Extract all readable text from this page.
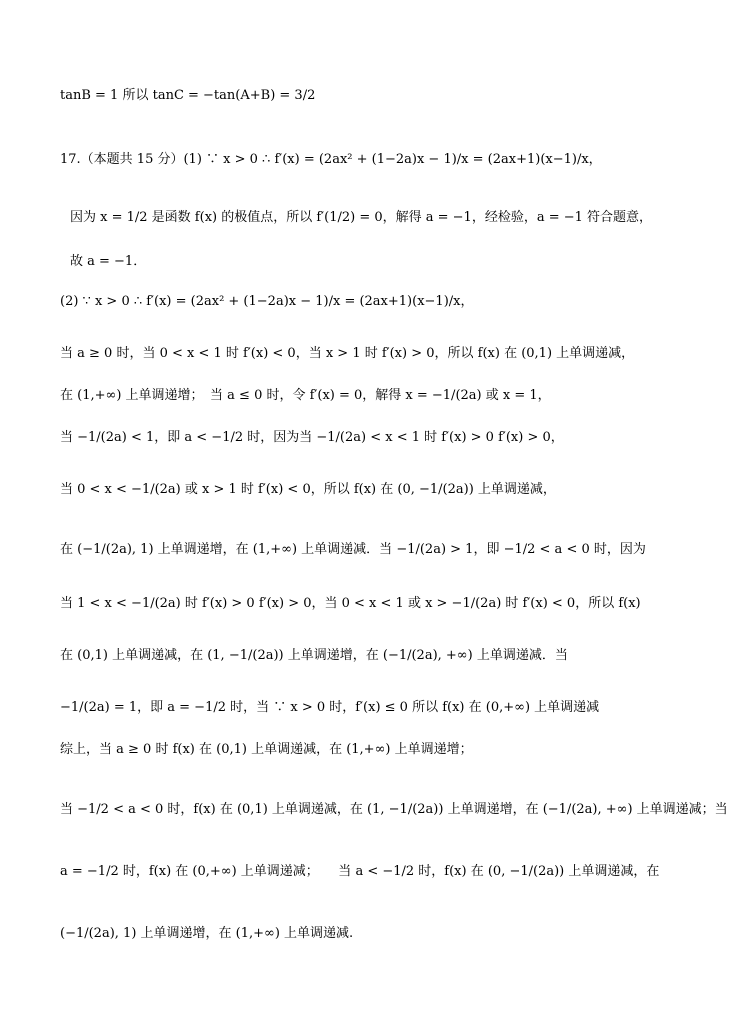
tanB = 1 所以 tanC = −tan(A+B) = 3/2
17.（本题共 15 分）(1) ∵ x > 0 ∴ f′(x) = (2ax² + (1−2a)x − 1)/x = (2ax+1)(x−1)/x，
因为 x = 1/2 是函数 f(x) 的极值点，所以 f′(1/2) = 0，解得 a = −1，经检验，a = −1 符合题意，
故 a = −1．
(2) ∵ x > 0 ∴ f′(x) = (2ax² + (1−2a)x − 1)/x = (2ax+1)(x−1)/x，
当 a ≥ 0 时，当 0 < x < 1 时 f′(x) < 0，当 x > 1 时 f′(x) > 0，所以 f(x) 在 (0,1) 上单调递减，
在 (1,+∞) 上单调递增；　当 a ≤ 0 时，令 f′(x) = 0，解得 x = −1/(2a) 或 x = 1，
当 −1/(2a) < 1，即 a < −1/2 时，因为当 −1/(2a) < x < 1 时 f′(x) > 0 f′(x) > 0，
当 0 < x < −1/(2a) 或 x > 1 时 f′(x) < 0，所以 f(x) 在 (0, −1/(2a)) 上单调递减，
在 (−1/(2a), 1) 上单调递增，在 (1,+∞) 上单调递减．当 −1/(2a) > 1，即 −1/2 < a < 0 时，因为
当 1 < x < −1/(2a) 时 f′(x) > 0 f′(x) > 0，当 0 < x < 1 或 x > −1/(2a) 时 f′(x) < 0，所以 f(x)
在 (0,1) 上单调递减，在 (1, −1/(2a)) 上单调递增，在 (−1/(2a), +∞) 上单调递减．当
−1/(2a) = 1，即 a = −1/2 时，当 ∵ x > 0 时，f′(x) ≤ 0 所以 f(x) 在 (0,+∞) 上单调递减
综上，当 a ≥ 0 时 f(x) 在 (0,1) 上单调递减，在 (1,+∞) 上单调递增；
当 −1/2 < a < 0 时，f(x) 在 (0,1) 上单调递减，在 (1, −1/(2a)) 上单调递增，在 (−1/(2a), +∞) 上单调递减；当
a = −1/2 时，f(x) 在 (0,+∞) 上单调递减；　　当 a < −1/2 时，f(x) 在 (0, −1/(2a)) 上单调递减，在
(−1/(2a), 1) 上单调递增，在 (1,+∞) 上单调递减.
